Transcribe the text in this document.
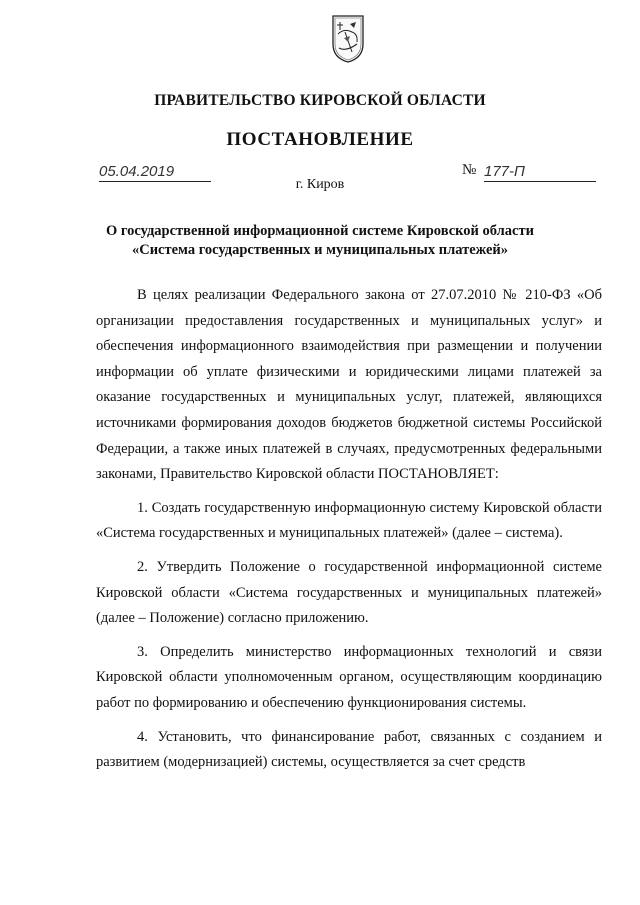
ПРАВИТЕЛЬСТВО КИРОВСКОЙ ОБЛАСТИ
ПОСТАНОВЛЕНИЕ
05.04.2019	№ 177-П
г. Киров
О государственной информационной системе Кировской области
«Система государственных и муниципальных платежей»

В целях реализации Федерального закона от 27.07.2010 № 210-ФЗ «Об организации предоставления государственных и муниципальных услуг» и обеспечения информационного взаимодействия при размещении и получении информации об уплате физическими и юридическими лицами платежей за оказание государственных и муниципальных услуг, платежей, являющихся источниками формирования доходов бюджетов бюджетной системы Российской Федерации, а также иных платежей в случаях, предусмотренных федеральными законами, Правительство Кировской области ПОСТАНОВЛЯЕТ:

1. Создать государственную информационную систему Кировской области «Система государственных и муниципальных платежей» (далее – система).

2. Утвердить Положение о государственной информационной системе Кировской области «Система государственных и муниципальных платежей» (далее – Положение) согласно приложению.

3. Определить министерство информационных технологий и связи Кировской области уполномоченным органом, осуществляющим координацию работ по формированию и обеспечению функционирования системы.

4. Установить, что финансирование работ, связанных с созданием и развитием (модернизацией) системы, осуществляется за счет средств
